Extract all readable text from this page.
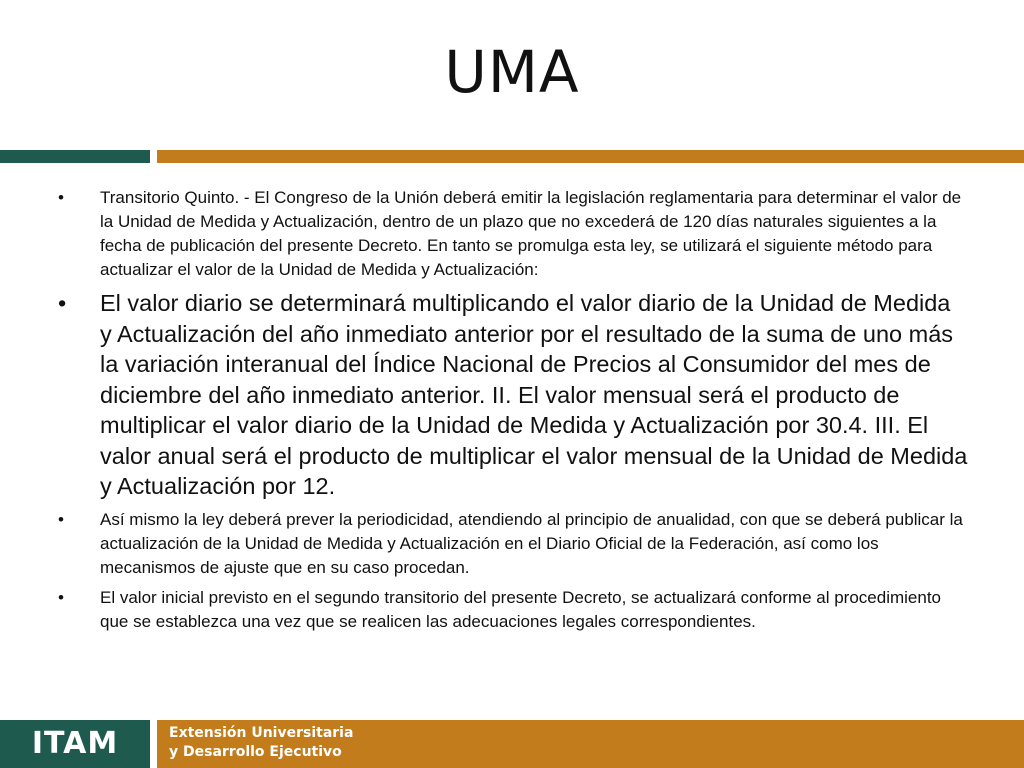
UMA
• Transitorio Quinto. - El Congreso de la Unión deberá emitir la legislación reglamentaria para determinar el valor de la Unidad de Medida y Actualización, dentro de un plazo que no excederá de 120 días naturales siguientes a la fecha de publicación del presente Decreto. En tanto se promulga esta ley, se utilizará el siguiente método para actualizar el valor de la Unidad de Medida y Actualización:
• El valor diario se determinará multiplicando el valor diario de la Unidad de Medida y Actualización del año inmediato anterior por el resultado de la suma de uno más la variación interanual del Índice Nacional de Precios al Consumidor del mes de diciembre del año inmediato anterior. II. El valor mensual será el producto de multiplicar el valor diario de la Unidad de Medida y Actualización por 30.4. III. El valor anual será el producto de multiplicar el valor mensual de la Unidad de Medida y Actualización por 12.
• Así mismo la ley deberá prever la periodicidad, atendiendo al principio de anualidad, con que se deberá publicar la actualización de la Unidad de Medida y Actualización en el Diario Oficial de la Federación, así como los mecanismos de ajuste que en su caso procedan.
• El valor inicial previsto en el segundo transitorio del presente Decreto, se actualizará conforme al procedimiento que se establezca una vez que se realicen las adecuaciones legales correspondientes.
ITAM	Extensión Universitaria
y Desarrollo Ejecutivo
